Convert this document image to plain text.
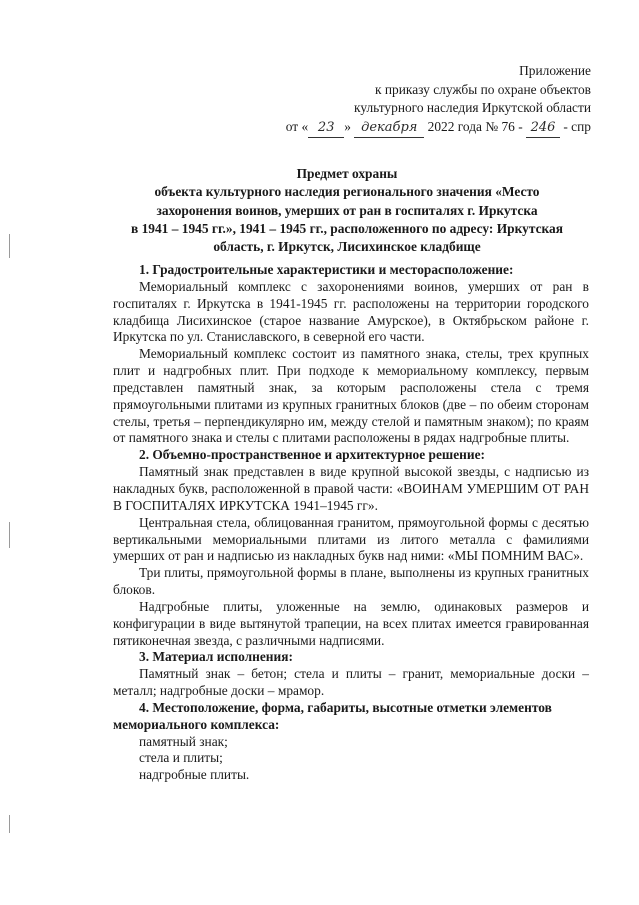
Приложение
к приказу службы по охране объектов
культурного наследия Иркутской области
от « 23 » декабря 2022 года № 76 - 246 - спр
Предмет охраны
объекта культурного наследия регионального значения «Место
захоронения воинов, умерших от ран в госпиталях г. Иркутска
в 1941 – 1945 гг.», 1941 – 1945 гг., расположенного по адресу: Иркутская
область, г. Иркутск, Лисихинское кладбище
1. Градостроительные характеристики и месторасположение:
Мемориальный комплекс с захоронениями воинов, умерших от ран в госпиталях г. Иркутска в 1941-1945 гг. расположены на территории городского кладбища Лисихинское (старое название Амурское), в Октябрьском районе г. Иркутска по ул. Станиславского, в северной его части.
Мемориальный комплекс состоит из памятного знака, стелы, трех крупных плит и надгробных плит. При подходе к мемориальному комплексу, первым представлен памятный знак, за которым расположены стела с тремя прямоугольными плитами из крупных гранитных блоков (две – по обеим сторонам стелы, третья – перпендикулярно им, между стелой и памятным знаком); по краям от памятного знака и стелы с плитами расположены в рядах надгробные плиты.
2. Объемно-пространственное и архитектурное решение:
Памятный знак представлен в виде крупной высокой звезды, с надписью из накладных букв, расположенной в правой части: «ВОИНАМ УМЕРШИМ ОТ РАН В ГОСПИТАЛЯХ ИРКУТСКА 1941–1945 гг».
Центральная стела, облицованная гранитом, прямоугольной формы с десятью вертикальными мемориальными плитами из литого металла с фамилиями умерших от ран и надписью из накладных букв над ними: «МЫ ПОМНИМ ВАС».
Три плиты, прямоугольной формы в плане, выполнены из крупных гранитных блоков.
Надгробные плиты, уложенные на землю, одинаковых размеров и конфигурации в виде вытянутой трапеции, на всех плитах имеется гравированная пятиконечная звезда, с различными надписями.
3. Материал исполнения:
Памятный знак – бетон; стела и плиты – гранит, мемориальные доски – металл; надгробные доски – мрамор.
4. Местоположение, форма, габариты, высотные отметки элементов
мемориального комплекса:
памятный знак;
стела и плиты;
надгробные плиты.
